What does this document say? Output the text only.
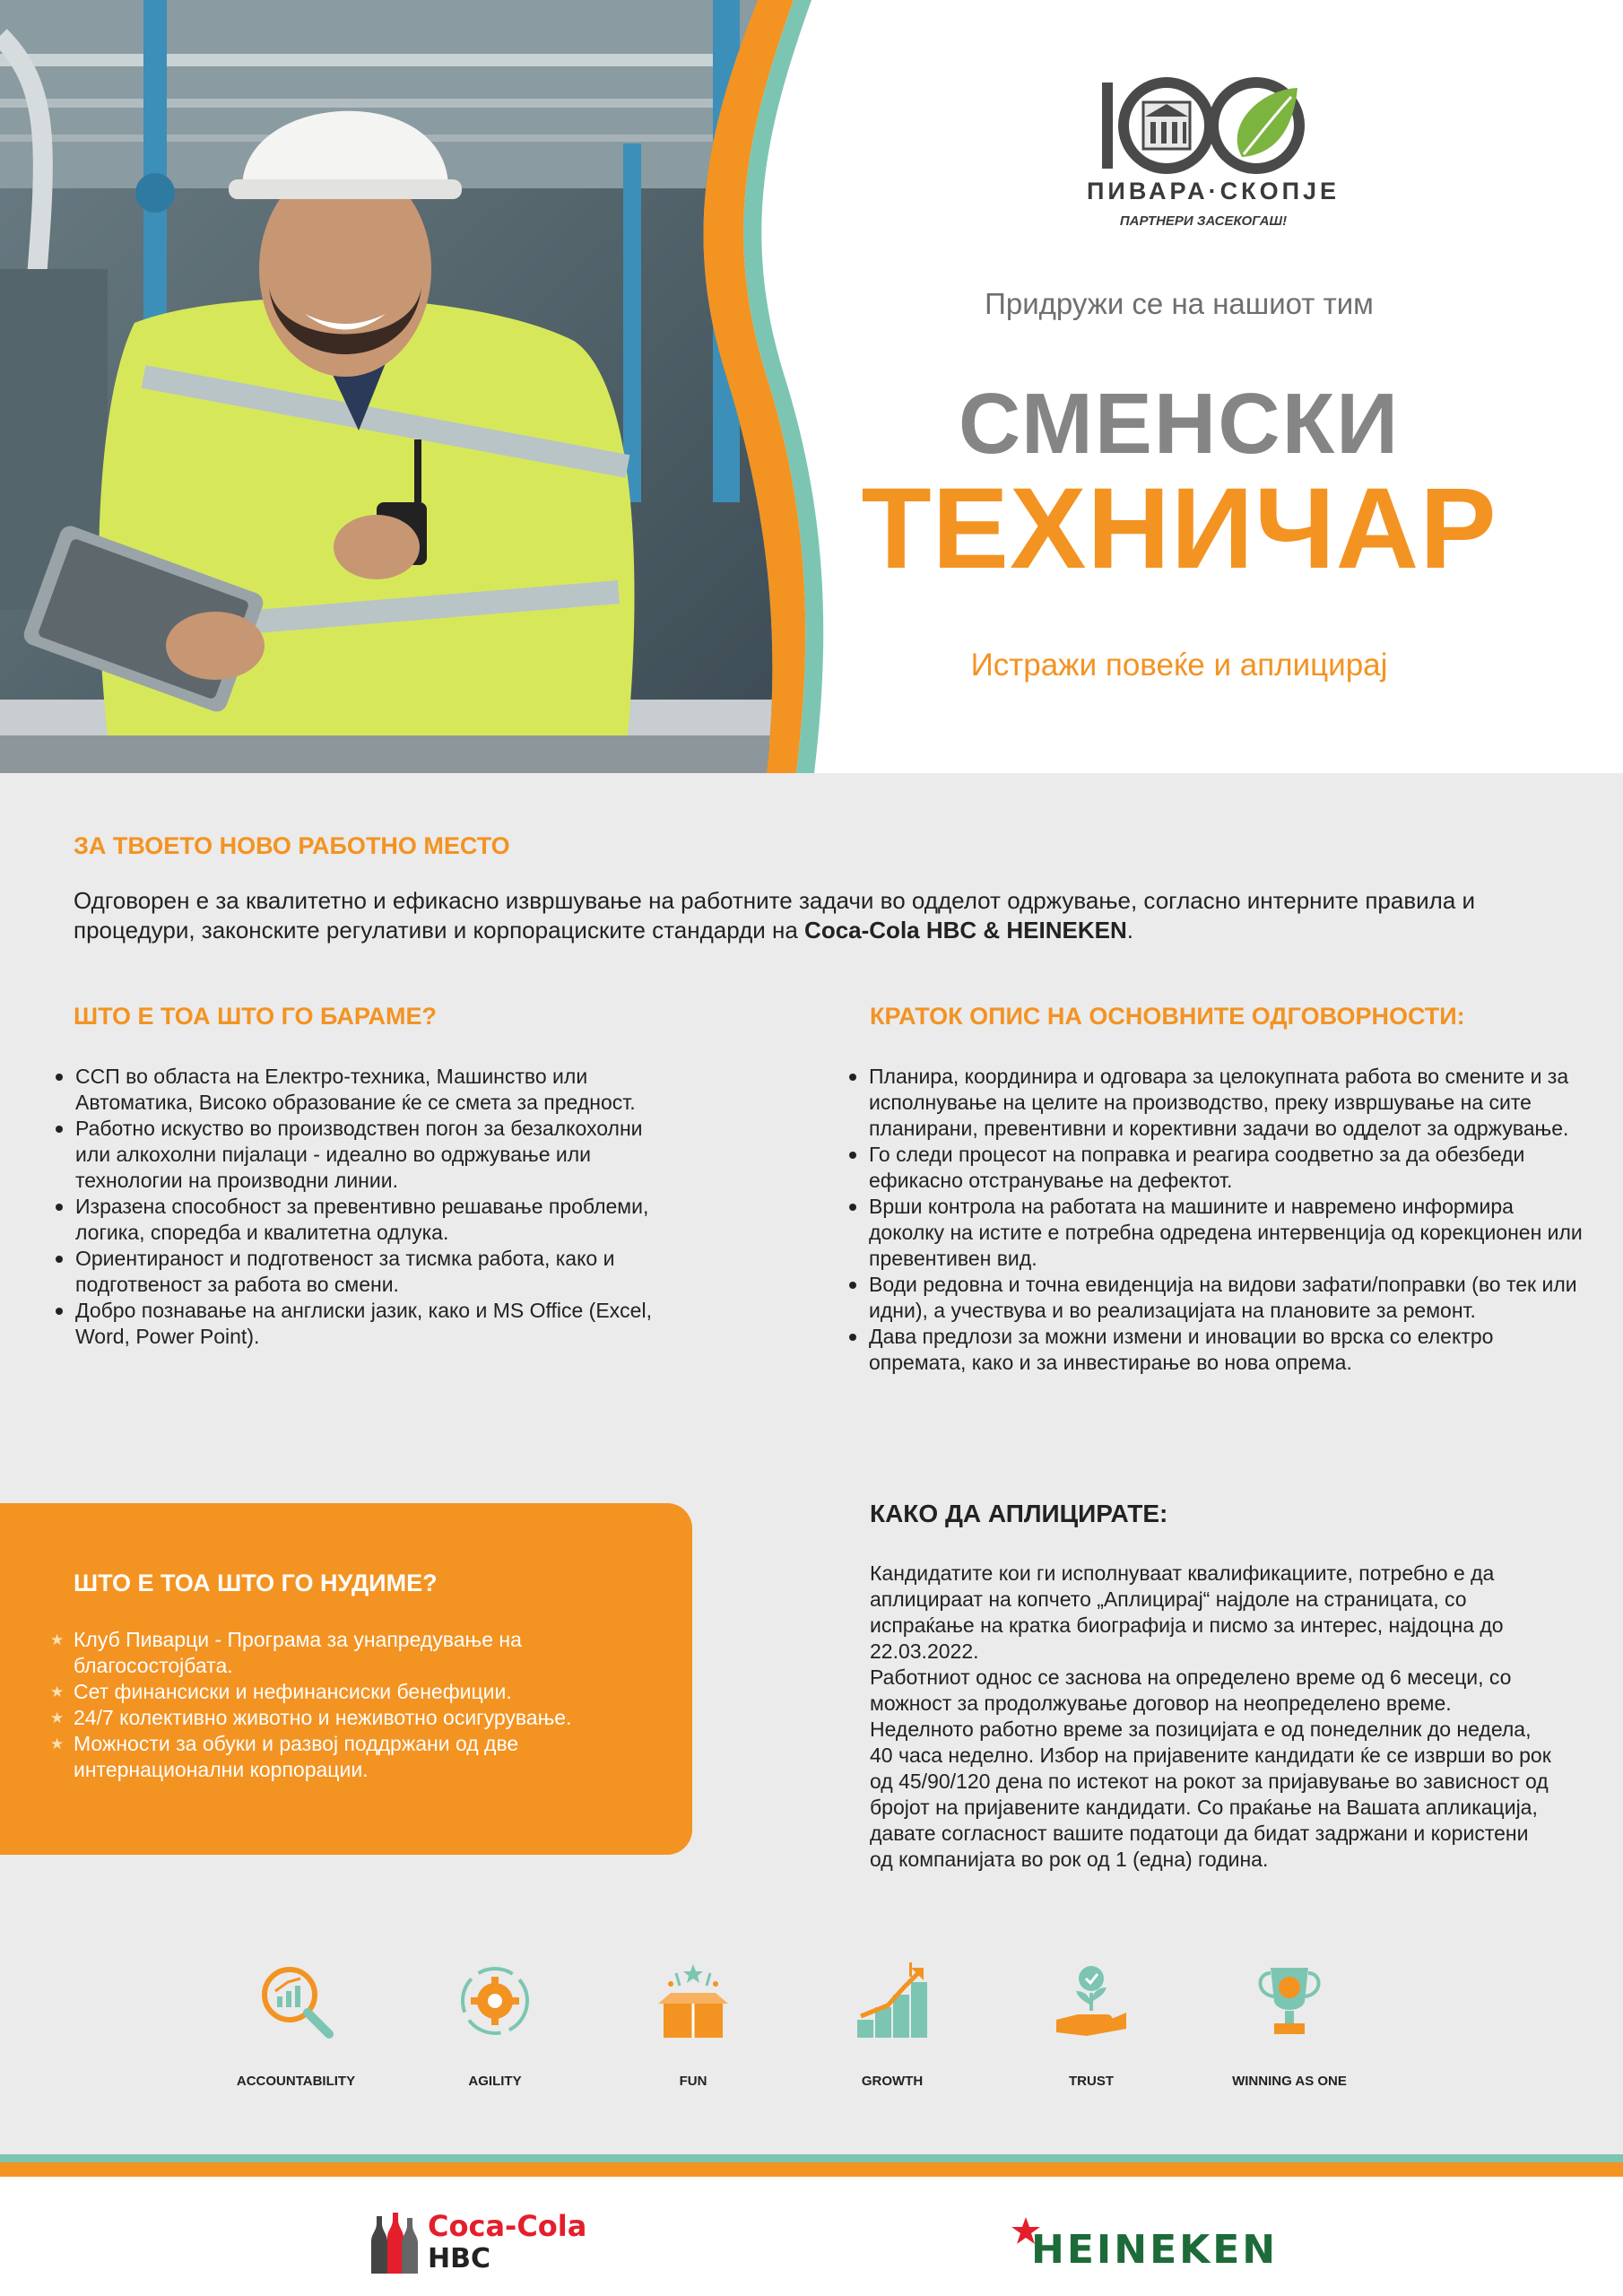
ПИВАРА·СКОПЈЕ
ПАРТНЕРИ ЗАСЕКОГАШ!
Придружи се на нашиот тим
СМЕНСКИ
ТЕХНИЧАР
Истражи повеќе и аплицирај
ЗА ТВОЕТО НОВО РАБОТНО МЕСТО
Одговорен е за квалитетно и ефикасно извршување на работните задачи во одделот одржување, согласно интерните правила и процедури, законските регулативи и корпорациските стандарди на Coca-Cola HBC & HEINEKEN.
ШТО Е ТОА ШТО ГО БАРАМЕ?
ССП во областа на Електро-техника, Машинство или Автоматика, Високо образование ќе се смета за предност.
Работно искуство во производствен погон за безалкохолни или алкохолни пијалаци - идеално во одржување или технологии на производни линии.
Изразена способност за превентивно решавање проблеми, логика, споредба и квалитетна одлука.
Ориентираност и подготвеност за тисмка работа, како и подготвеност за работа во смени.
Добро познавање на англиски јазик, како и MS Office (Excel, Word, Power Point).
КРАТОК ОПИС НА ОСНОВНИТЕ ОДГОВОРНОСТИ:
Планира, координира и одговара за целокупната работа во смените и за исполнување на целите на производство, преку извршување на сите планирани, превентивни и корективни задачи во одделот за одржување.
Го следи процесот на поправка и реагира соодветно за да обезбеди ефикасно отстранување на дефектот.
Врши контрола на работата на машините и навремено информира доколку на истите е потребна одредена интервенција од корекционен или превентивен вид.
Води редовна и точна евиденција на видови зафати/поправки (во тек или идни), а учествува и во реализацијата на плановите за ремонт.
Дава предлози за можни измени и иновации во врска со електро опремата, како и за инвестирање во нова опрема.
ШТО Е ТОА ШТО ГО НУДИМЕ?
★ Клуб Пиварци - Програма за унапредување на благосостојбата.
★ Сет финансиски и нефинансиски бенефиции.
★ 24/7 колективно животно и неживотно осигурување.
★ Можности за обуки и развој поддржани од две интернационални корпорации.
КАКО ДА АПЛИЦИРАТЕ:
Кандидатите кои ги исполнуваат квалификациите, потребно е да аплицираат на копчето „Аплицирај“ најдоле на страницата, со испраќање на кратка биографија и писмо за интерес, најдоцна до 22.03.2022.
Работниот однос се заснова на определено време од 6 месеци, со можност за продолжување договор на неопределено време. Неделното работно време за позицијата е од понеделник до недела, 40 часа неделно. Избор на пријавените кандидати ќе се изврши во рок од 45/90/120 дена по истекот на рокот за пријавување во зависност од бројот на пријавените кандидати. Со праќање на Вашата апликација, давате согласност вашите податоци да бидат задржани и користени од компанијата во рок од 1 (една) година.
ACCOUNTABILITY	AGILITY	FUN	GROWTH	TRUST	WINNING AS ONE
Coca-Cola
HBC	HEINEKEN
